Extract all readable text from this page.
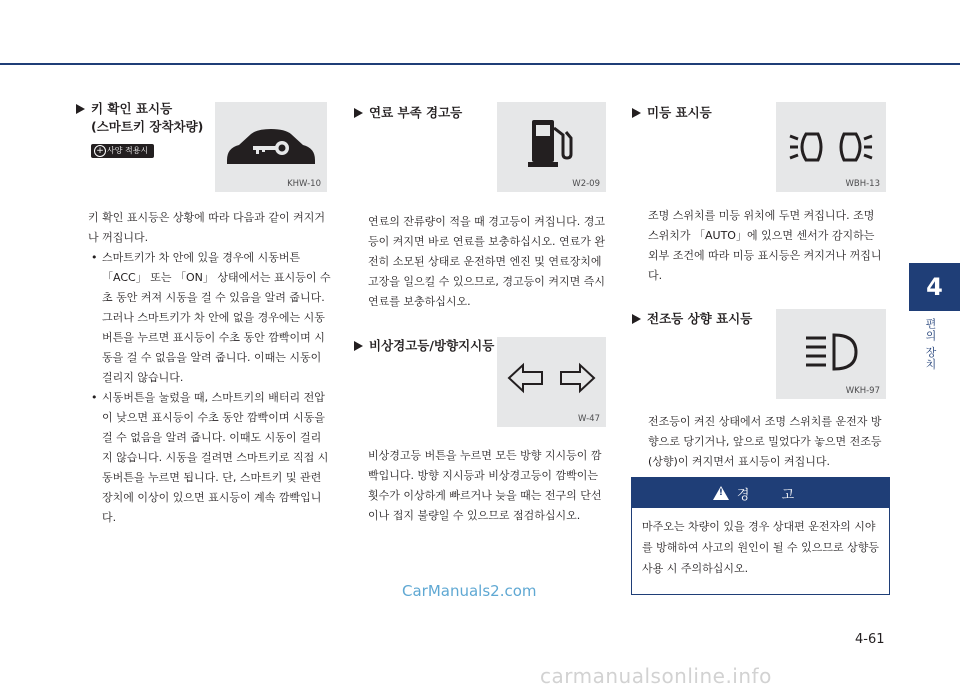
키 확인 표시등
(스마트키 장착차량)
+ 사양 적용시
KHW-10

키 확인 표시등은 상황에 따라 다음과 같이 켜지거나 꺼집니다.

• 스마트키가 차 안에 있을 경우에 시동버튼 「ACC」 또는 「ON」 상태에서는 표시등이 수초 동안 켜져 시동을 걸 수 있음을 알려 줍니다. 그러나 스마트키가 차 안에 없을 경우에는 시동버튼을 누르면 표시등이 수초 동안 깜빡이며 시동을 걸 수 없음을 알려 줍니다. 이때는 시동이 걸리지 않습니다.

• 시동버튼을 눌렀을 때, 스마트키의 배터리 전압이 낮으면 표시등이 수초 동안 깜빡이며 시동을 걸 수 없음을 알려 줍니다. 이때도 시동이 걸리지 않습니다. 시동을 걸려면 스마트키로 직접 시동버튼을 누르면 됩니다. 단, 스마트키 및 관련 장치에 이상이 있으면 표시등이 계속 깜빡입니다.

연료 부족 경고등
W2-09

연료의 잔류량이 적을 때 경고등이 켜집니다. 경고등이 켜지면 바로 연료를 보충하십시오. 연료가 완전히 소모된 상태로 운전하면 엔진 및 연료장치에 고장을 일으킬 수 있으므로, 경고등이 켜지면 즉시 연료를 보충하십시오.

비상경고등/방향지시등
W-47

비상경고등 버튼을 누르면 모든 방향 지시등이 깜빡입니다. 방향 지시등과 비상경고등이 깜빡이는 횟수가 이상하게 빠르거나 늦을 때는 전구의 단선이나 접지 불량일 수 있으므로 점검하십시오.

미등 표시등
WBH-13

조명 스위치를 미등 위치에 두면 켜집니다. 조명 스위치가 「AUTO」에 있으면 센서가 감지하는 외부 조건에 따라 미등 표시등은 켜지거나 꺼집니다.

전조등 상향 표시등
WKH-97

전조등이 켜진 상태에서 조명 스위치를 운전자 방향으로 당기거나, 앞으로 밀었다가 놓으면 전조등(상향)이 켜지면서 표시등이 켜집니다.

! 경 고
마주오는 차량이 있을 경우 상대편 운전자의 시야를 방해하여 사고의 원인이 될 수 있으므로 상향등 사용 시 주의하십시오.
4
편의 장치
4-61
CarManuals2.com
carmanualsonline.info
